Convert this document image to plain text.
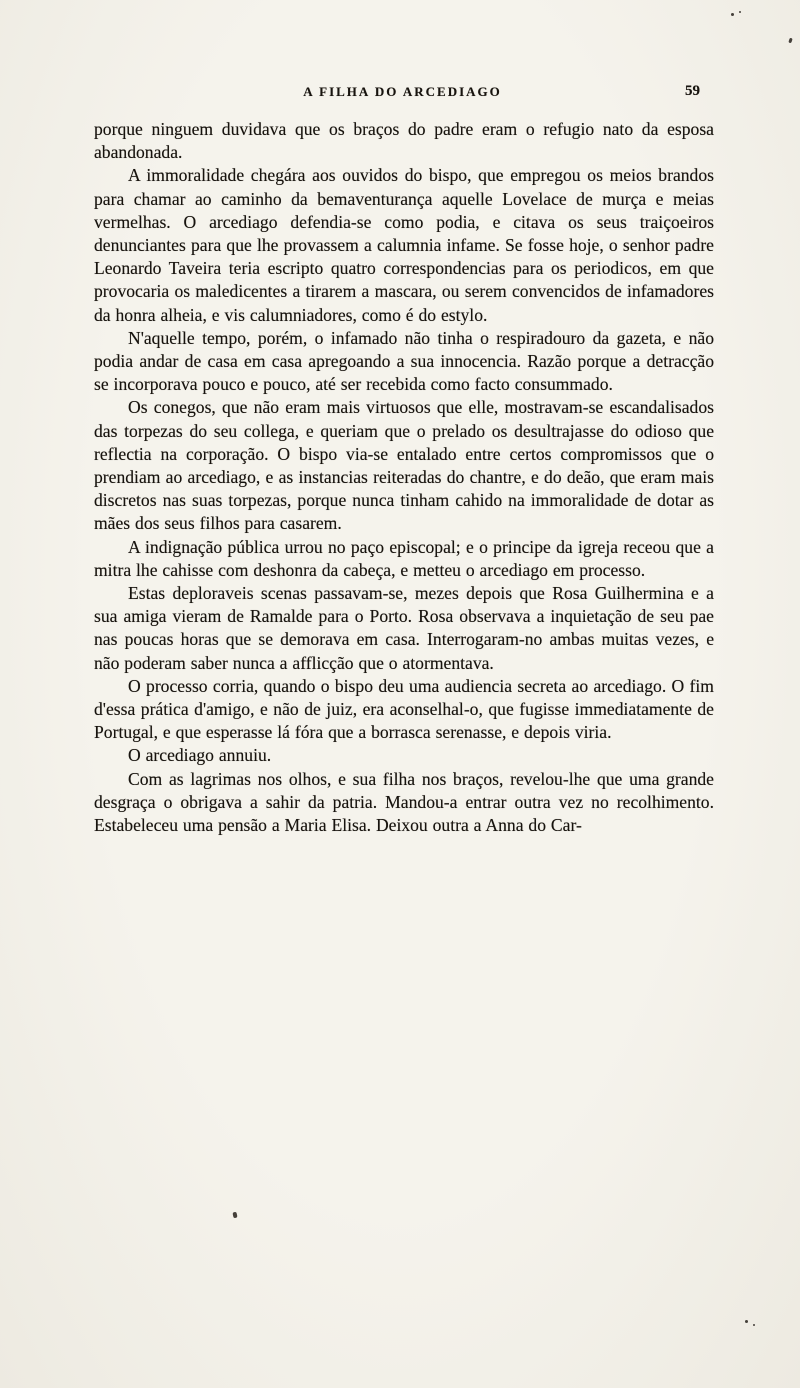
A FILHA DO ARCEDIAGO	59

porque ninguem duvidava que os braços do padre eram o refugio nato da esposa abandonada.

A immoralidade chegára aos ouvidos do bispo, que empregou os meios brandos para chamar ao caminho da bemaventurança aquelle Lovelace de murça e meias vermelhas. O arcediago defendia-se como podia, e citava os seus traiçoeiros denunciantes para que lhe provassem a calumnia infame. Se fosse hoje, o senhor padre Leonardo Taveira teria escripto quatro correspondencias para os periodicos, em que provocaria os maledicentes a tirarem a mascara, ou serem convencidos de infamadores da honra alheia, e vis calumniadores, como é do estylo.

N'aquelle tempo, porém, o infamado não tinha o respiradouro da gazeta, e não podia andar de casa em casa apregoando a sua innocencia. Razão porque a detracção se incorporava pouco e pouco, até ser recebida como facto consummado.

Os conegos, que não eram mais virtuosos que elle, mostravam-se escandalisados das torpezas do seu collega, e queriam que o prelado os desultrajasse do odioso que reflectia na corporação. O bispo via-se entalado entre certos compromissos que o prendiam ao arcediago, e as instancias reiteradas do chantre, e do deão, que eram mais discretos nas suas torpezas, porque nunca tinham cahido na immoralidade de dotar as mães dos seus filhos para casarem.

A indignação pública urrou no paço episcopal; e o principe da igreja receou que a mitra lhe cahisse com deshonra da cabeça, e metteu o arcediago em processo.

Estas deploraveis scenas passavam-se, mezes depois que Rosa Guilhermina e a sua amiga vieram de Ramalde para o Porto. Rosa observava a inquietação de seu pae nas poucas horas que se demorava em casa. Interrogaram-no ambas muitas vezes, e não poderam saber nunca a afflicção que o atormentava.

O processo corria, quando o bispo deu uma audiencia secreta ao arcediago. O fim d'essa prática d'amigo, e não de juiz, era aconselhal-o, que fugisse immediatamente de Portugal, e que esperasse lá fóra que a borrasca serenasse, e depois viria.

O arcediago annuiu.

Com as lagrimas nos olhos, e sua filha nos braços, revelou-lhe que uma grande desgraça o obrigava a sahir da patria. Mandou-a entrar outra vez no recolhimento. Estabeleceu uma pensão a Maria Elisa. Deixou outra a Anna do Car-
